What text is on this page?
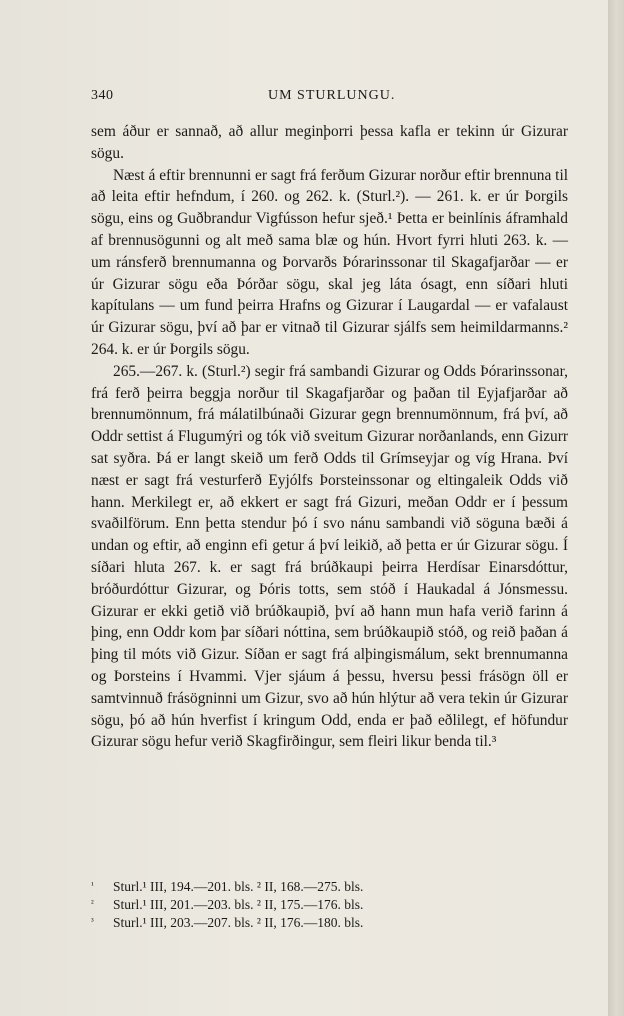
340	UM STURLUNGU.

sem áður er sannað, að allur meginþorri þessa kafla er tekinn úr Gizurar sögu.

Næst á eftir brennunni er sagt frá ferðum Gizurar norður eftir brennuna til að leita eftir hefndum, í 260. og 262. k. (Sturl.²). — 261. k. er úr Þorgils sögu, eins og Guðbrandur Vigfússon hefur sjeð.¹ Þetta er beinlínis áframhald af brennusögunni og alt með sama blæ og hún. Hvort fyrri hluti 263. k. — um ránsferð brennumanna og Þorvarðs Þórarinssonar til Skagafjarðar — er úr Gizurar sögu eða Þórðar sögu, skal jeg láta ósagt, enn síðari hluti kapítulans — um fund þeirra Hrafns og Gizurar í Laugardal — er vafalaust úr Gizurar sögu, því að þar er vitnað til Gizurar sjálfs sem heimildarmanns.² 264. k. er úr Þorgils sögu.

265.—267. k. (Sturl.²) segir frá sambandi Gizurar og Odds Þórarinssonar, frá ferð þeirra beggja norður til Skagafjarðar og þaðan til Eyjafjarðar að brennumönnum, frá málatilbúnaði Gizurar gegn brennumönnum, frá því, að Oddr settist á Flugumýri og tók við sveitum Gizurar norðanlands, enn Gizurr sat syðra. Þá er langt skeið um ferð Odds til Grímseyjar og víg Hrana. Því næst er sagt frá vesturferð Eyjólfs Þorsteinssonar og eltingaleik Odds við hann. Merkilegt er, að ekkert er sagt frá Gizuri, meðan Oddr er í þessum svaðilförum. Enn þetta stendur þó í svo nánu sambandi við söguna bæði á undan og eftir, að enginn efi getur á því leikið, að þetta er úr Gizurar sögu. Í síðari hluta 267. k. er sagt frá brúðkaupi þeirra Herdísar Einarsdóttur, bróðurdóttur Gizurar, og Þóris totts, sem stóð í Haukadal á Jónsmessu. Gizurar er ekki getið við brúðkaupið, því að hann mun hafa verið farinn á þing, enn Oddr kom þar síðari nóttina, sem brúðkaupið stóð, og reið þaðan á þing til móts við Gizur. Síðan er sagt frá alþingismálum, sekt brennumanna og Þorsteins í Hvammi. Vjer sjáum á þessu, hversu þessi frásögn öll er samtvinnuð frásögninni um Gizur, svo að hún hlýtur að vera tekin úr Gizurar sögu, þó að hún hverfist í kringum Odd, enda er það eðlilegt, ef höfundur Gizurar sögu hefur verið Skagfirðingur, sem fleiri likur benda til.³

¹ Sturl.¹ III, 194.—201. bls. ² II, 168.—275. bls.
² Sturl.¹ III, 201.—203. bls. ² II, 175.—176. bls.
³ Sturl.¹ III, 203.—207. bls. ² II, 176.—180. bls.
